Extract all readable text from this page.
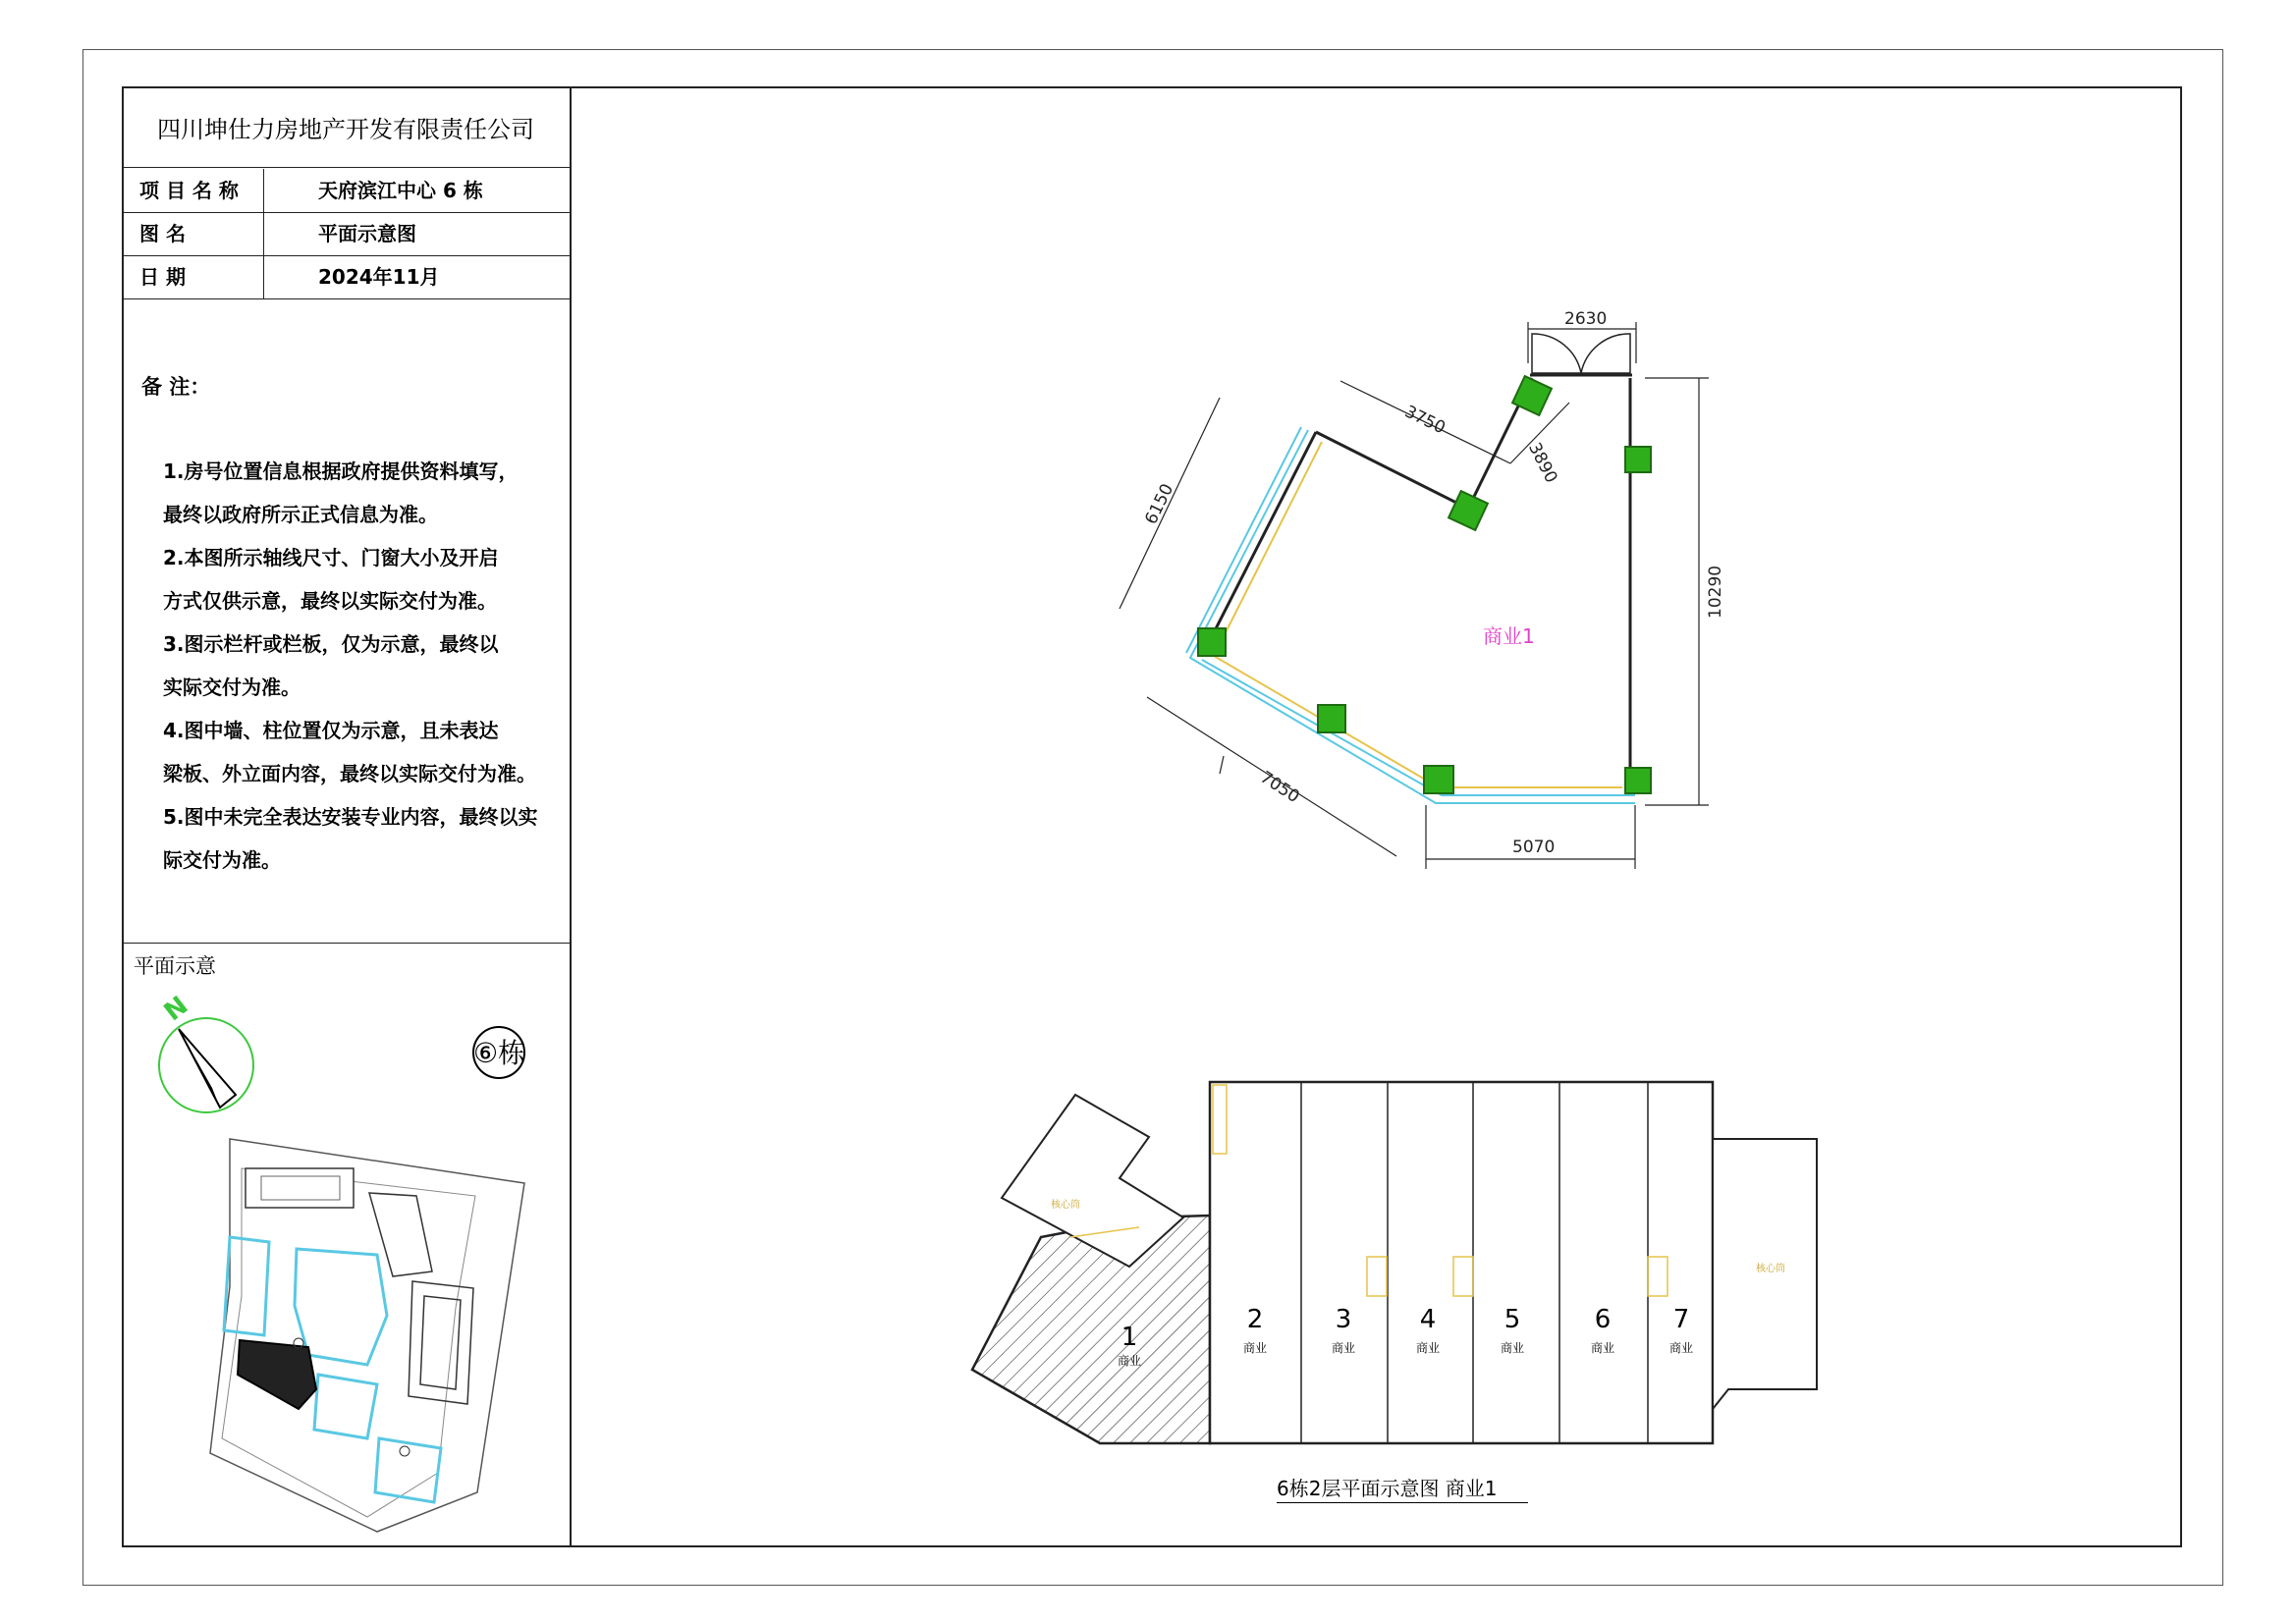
四川坤仕力房地产开发有限责任公司
项 目 名 称	天府滨江中心 6 栋
图 名	平面示意图
日 期	2024年11月
备 注：
1.房号位置信息根据政府提供资料填写，
最终以政府所示正式信息为准。
2.本图所示轴线尺寸、门窗大小及开启
方式仅供示意，最终以实际交付为准。
3.图示栏杆或栏板，仅为示意，最终以
实际交付为准。
4.图中墙、柱位置仅为示意，且未表达
梁板、外立面内容，最终以实际交付为准。
5.图中未完全表达安装专业内容，最终以实
际交付为准。
平面示意
N
⑥栋
商业1
2630
3750
3890
6150
10290
7050
5070
核心筒
核心筒
1
商业
2
商业
3
商业
4
商业
5
商业
6
商业
7
商业
6栋2层平面示意图 商业1
